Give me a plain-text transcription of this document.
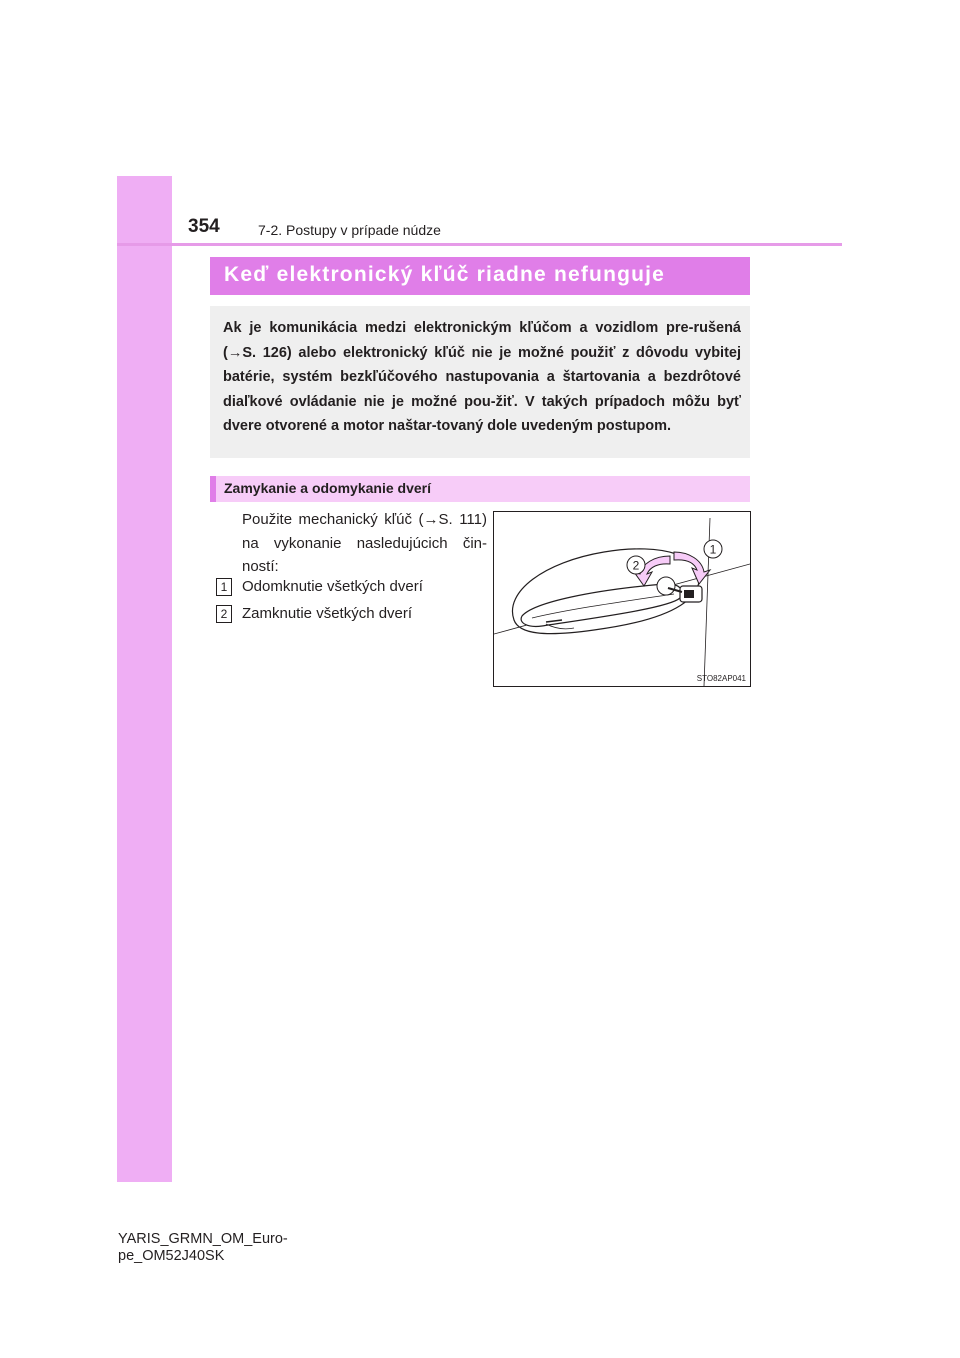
354	7-2. Postupy v prípade núdze
Keď elektronický kľúč riadne nefunguje

Ak je komunikácia medzi elektronickým kľúčom a vozidlom pre-rušená (→S. 126) alebo elektronický kľúč nie je možné použiť z dôvodu vybitej batérie, systém bezkľúčového nastupovania a štartovania a bezdrôtové diaľkové ovládanie nie je možné pou-žiť. V takých prípadoch môžu byť dvere otvorené a motor naštar-tovaný dole uvedeným postupom.

Zamykanie a odomykanie dverí

Použite mechanický kľúč (→S. 111) na vykonanie nasledujúcich čin-ností:

1 Odomknutie všetkých dverí
2 Zamknutie všetkých dverí
1
2
STO82AP041
YARIS_GRMN_OM_Euro-
pe_OM52J40SK
